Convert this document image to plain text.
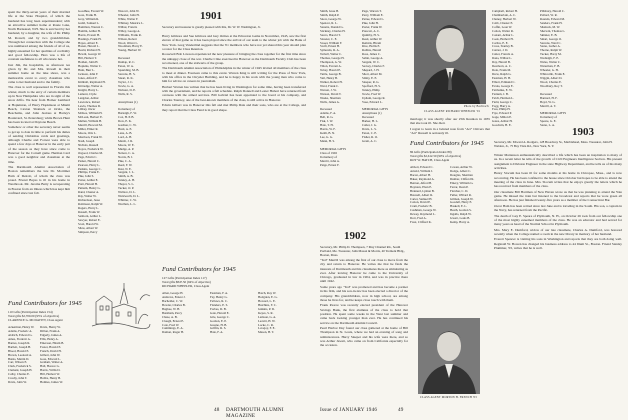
spent the thirty-seven years of their married life at the State Hospital, of which the husband has long been superintendent; with an attractive summer home at Route Lake, North Barnstead, N.H. She is survived by her husband, by a daughter, the wife of Dr. Philip M. Rowell, and by two grandchildren. Through her connection with the College she was numbered among the friends of all of us, highly esteemed for her qualities of cordiality and good fellowship. Hers was a life of constant usefulness to all who knew her.

Just Jim, the hospitable, as afternoon tea given by Dr. and Mrs. Rowell in their summer home on the lake shore, was a memorable event to every classmate who came to her husband and to the family.

The class is well represented in Florida this winter, much to the envy of certain members up in New Hampshire who are in sight of the snow drifts. We hear from Homer Lumbard at Hopkinton, of Harry Hopkinson at Miami Beach, Caxton Shattuck at Ocala, the Beachams, and John Jealous at Harley's Boulevard, St. Petersburg; while Brown Hunt has been located at Daytona Beach.

Somehow or other the secretary never seems to get up to date in time to perform his duties of sending Christmas cards and greetings, although Charlie and Forrest were able to spend a few days at Hanover in the early part of the season as they have since come to Hanover for the Cornell game. Herman Card was a good neighbor and classmate at the time.

The Dartmouth Alumni Association of Boston remembers the late Dr. Mortimer Ham of Detroit, of whom the class was proud. Friend Bayes is ill in his home in Westbrook. Mr. Jerome Batty is recuperating in Boston from an illness which has kept him confined since last fall.

Fund Contributors for 1945
110 Gifts (Participation Index 154)
Total gifts $2,700.00 (95% of objective)
CLARENCE G. MCDAVITT, Class Agent
Ackerman, Henry W.
Adams, Frederic A.
Aldrich, Edward G.
Ames, Frederic A.
Barnes, Joseph R.
Bartlett, Joseph H.
Blood, Harold E.
Brown, Leonard A.
Burns, Martin D.
Carr, Wilson E.
Clark, Frederick S.
Clement, Joseph H.
Colby, Charles E.
Crosby, John T.
Davis, John W.
Davis, Henry W.
Dillon, Frank A.
Edgerly, James A.
Ellis, Henry A.
Emerson, Hiram B.
Foster, Harold E.
French, David H.
Gilbert, John W.
Goss, Edward L.
Graham, Walter A.
Hall, Horace G.
Harris, Willis D.
Hill, Herbert W.
Hobbs, Henry B.
Holmes, James W.
Goodhue, Everett W.
Goss, Frank H.
Gray, William R.
Guild, Samuel L.
Hamilton, Warren C.
Hamlin, Arthur H.
Harris, Everett H.
Hastings, Frank H.
Hayes, Albert E.
Hazen, Harold L.
Heald, Richard H.
Hewitt, George W.
Hill, Herbert T.
Holden, John H.
Hopkins, Walter C.
Hunt, Burr L.
Jackson, John F.
Jones, Alfred F.
Kimball, Raymond H.
Kittredge, Walter A.
Knight, Harry L.
Lamont, Clyde
Langdon, Arthur
Lawrence, Robert
Lewis, Thomas D.
Libbey, Oscar
McKee, William H.
McLean, Herbert E.
Mellen, William H.
Merrill, Howard M.
Miller, Elmer R.
Moore, Otis L.
Morrison, Frank W.
Nash, Joseph
Nichols, Russell
Noyes, Frederick W.
Osgood, Charles M.
Page, Edwin C.
Parker, Harold C.
Pearson, Harry L.
Perkins, George C.
Phillips, Frank E.
Pike, John S.
Potter, Arthur E.
Pratt, Harold H.
Putnam, Henry G.
Rand, Chester A.
Ray, Walter W.
Richardson, Jesse
Robinson, Ralph W.
Rogers, Harry L.
Russell, Frank W.
Sanborn, Arthur L.
Sawyer, Robert E.
Scott, Harold W.
Shaw, Albert W.
Simpson, Percy
Wescott, John W.
Wheeler, John H.
White, Walter F.
Whitney, Maurice L.
Wilbur, Francis
Willey, George A.
Williams, Frank R.
Wilson, Robert
Wood, Oliver L.
Woodman, Harry E.
Young, Herbert W.
Deceased
Dunlap, R. C.
Eaton, W. A.
Spaulding, M. B.
Stevens, H. S.
Stuart, R. K.
Taylor, J. C.
Towle, G. A.
Webster, D. E.
Wells, R. S.
Anonymous (1)
In memory of
Burleigh, F. W.
Cox, H. P. B.
Dow, E. K.
Gardner, C. W.
Hurd, A. E.
Lane, A. B.
Lord, A. H.
Marsh, J. R.
Moore, W. E.
Mudge, A. P.
Nelson, C. A.
Norris, B. J.
Pike, C. A.
Reed, F. W.
Rust, N. E.
Sargent, J. L.
Smith, A. B.
Tenney, A. H.
Thayer, S. L.
Tucker, O. P.
Wallace, D. L.
Wentworth, D. L.
Whittier, C. W.
Worthen, L. L.
1901
Secretary and treasurer is greatly pleased with this, Dr. W. W. Washington, Jr.

Harry Gilmore and Sue Gilmore and Guy Ormes at the Princeton Game in November, 1945, saw the first eleven of that game as it has been played since the arrival of our team to the winter job with the Bank of New York. Greg Vanderlind suggests that the '01 members who have not yet shared this year should plan a roster for the Class Reunion.

Roosevelt Bob Lawson experienced the new pleasure of bringing the class together for the first time since the unhappy close of the war. Charlie Cline exercised in Hanover as the Dartmouth Faculty Club has been reconvened, one of the stalwarts of the group.

The Dartmouth Alumni Association of Philadelphia in the winter of 1945 invited all members of the class to meet at dinner. Fourteen came to this event. Warren King is still writing for the Press of New York, with his office in the Chrysler Building, and he is happy in his work with the young men who come to him for advice on careers in journalism.

Herbert Warren has written that he has been living in Washington for some time, having been transferred with the government, and he reports a full schedule. Ralph Donnell and Lester Hubert have returned from overseas with the armed services. Bill Gabriel has been appointed to the board at his company, and Charles Tourney, one of the best-known members of the class, is still active in Hanover.

Edwin Gilbert was in Hanover this fall and met Philip Dale and their sons, who are at the College, and they report that the Class Fund is in good shape.

Fund Contributors for 1945
127 Gifts (Participation Index 117)
Total gifts $847.50 (94% of objective)
RICHARD WHEELER, Class Agent
Allen, George H.
Andrews, Ernest J.
Bachelder, C. W.
Bowler, Charles B.
Bugbee, W. H.
Burnham, Percy
Chase, A. B.
Clough, Ernest E.
Cole, Fred W.
Cummings, E. A.
Damon, Roger H.
Eastman, F. A.
Fay, Henry G.
Fellows, R. C.
Flanders, E. S.
Forbes, D. B.
Gale, Harold E.
Gile, George C.
Gordon, E. P.
Greene, H. B.
Griffin, R. S.
Hale, F. A.
Hatch, Roy W.
Hodgdon, E. G.
Howard, L. E.
Hutchins, F. C.
Jenkins, P. D.
Keyes, S. R.
Lamson, G. A.
Leavitt, H. W.
Locke, C. R.
Lovejoy, F. E.
Mason, H. T.
48 DARTMOUTH ALUMNI MAGAZINE
Smith, Jesse B.
Smith, Ralph P.
Snow, George W.
Spencer, R. L.
Stearns, Donald G.
Stickney, Charles H.
Storrs, Harold T.
Streeter, C. E.
Sweet, William F.
Swift, Ernest H.
Symonds, R. A.
Tarbell, Walter C.
Thomas, George H.
Thompson, A. W.
Tilton, Everett A.
Tobey, Harold E.
Tuttle, George B.
Vail, Henry B.
Walker, Robert H.
Ward, Frank C.
Warren, J. W.
Watson, David T.
Weeks, Sherman
Wells, James A.
Deceased
Adams, F. A.
Bell, R. G.
Fisk, J. W.
Hale, T. H.
Harris, W. F.
Keith, B. N.
Lee, G. G.
Mann, H. S.
MEMORIAL GIFTS
Class of 1902
In memory of
Merritt, John A.
Paige, Ernest F.
Page, Warren T.
Perry, William E.
Pettee, Edward L.
Pike, John H.
Porter, Frank W.
Prescott, A. C.
Quimby, H. S.
Read, Arthur W.
Remick, Hiram
Rice, Hollis E.
Rollins, Harold
Ross, James C.
Sabin, George A.
Sargent, W. C.
Seavey, Charles F.
Shepard, J. H.
Short, Albert M.
Silsby, E. E.
Sleeper, R. G.
Spofford, H. S.
Tenney, Philip
Towle, Fred W.
Upham, George R.
Vose, Edward L.
MEMORIAL GIFTS
Anonymous (1)
Deceased
Barker, H. L.
Cutler, J. G.
Davis, L. S.
Eaton, C. E.
Fisher, R. O.
Grant, A. C.
Photo by Bachrach
CLASS AGENT RICHARD WHEELER '01

marriage; it was shortly after our 25th Reunion in 1935 that she took ill. She died.

I regret to learn in a belated note from "Art" Chivers that "Art" Russell is seriously ill.

Fund Contributors for 1945
86 Gifts (Participation Index 89)
Total gifts $2,612.50 (90% of objective)
ROY W. HATCH, Class Agent
Abbott, Edward C.
Arnold, William J.
Bacon, Albert H.
Baker, Raymond A.
Benton, Alfred B.
Boynton, Eben E.
Brainerd, Lyman B.
Buswell, Albert R.
Carter, Samuel H.
Cotton, David E.
Cram, Frederic B.
Cushman, George W.
Dewey, Raymond L.
Dorr, Fred A.
Frost, Clifford K.
Cowan, Arthur W.
Dodge, Albert C.
Douglas, Sherman
Dunbar, Clifford R.
Emery, William G.
Farrar, Dean P.
Fletcher, C. D.
Fuller, Willard R.
Gilman, Joseph W.
Goodell, Harry E.
Haskell, E. L.
Heath, Gordon S.
Ingalls, Ralph W.
Jewett, Louis B.
Kemp, Harry A.
1902
Secretary, Mr. Philip D. Thompson, 7 May Channel Rd., South Portland, Me. Treasurer, John Mason & Morris, 40 Tremont Bldg., Boston, Mass.

"Ted" Merrill was among the first of our class to move from the city and return to Hanover. He writes me that he finds the interests of Dartmouth and his classmates there as stimulating as ever. After leaving Hanover he came to the University of Chicago, graduated in law in 1904, and was in practice there until 1942.

Some years ago "Ted" was promoted and has become a partner in his firm, and his son-in-law has been elected a director of the company. His grandchildren, now in high school, are among those he lives for, and he keeps close touch with them.

Frank Pearce was recently elected president of the Hanover Savings Bank, the first alumnus of the class to hold that position. He spent some weeks in the West last summer and came back looking younger than ever. He has continued his service on the Dartmouth Alumni Council.

Pearl Harbor Day found our class gathered at the home of Bill Thompson in St. Louis, where we had an evening of song and reminiscences. Harry Sleeper and his wife were there, and so was Arthur Jewett, who came on from California especially for the occasion.

CLASS AGENT MORTON H. FRENCH '03
Campbell, Robert H.
Chamberlain, A. C.
Cheney, Herbert W.
Cobb, Chester E.
Coffin, Leon W.
Colton, Walter R.
Conant, Arthur L.
Cook, Herbert H.
Corliss, E. E.
Cross, Stanley B.
Currier, J. D.
Cutter, Francis A.
Dana, Wilbur L.
Day, Harold B.
Dearborn, A. C.
Dole, Frank M.
Drew, Ralph G.
Eastman, H. H.
Elliott, Edmund C.
Evans, George E.
Fairbanks, E. W.
Farnum, J. B.
Felch, Herman L.
Field, George C.
Fogg, Harry A.
Foss, Philip H.
Frye, Edward P.
Gage, Milton E.
Gates, Arthur H.
Goodwin, H. E.
Pillsbury, Harold C.
Pollard, W. R.
Rounds, Edward M.
Sanders, Frank H.
Shattuck, M. W.
Sherwin, Thomas L.
Skinner, E. B.
Smart, George O.
Stevens, Ward C.
Stone, Luther A.
Thorne, Ralph W.
Tucker, Harry M.
Wadleigh, F. E.
Wales, Walter C.
Waterman, F. B.
Wheeler, G. H.
Whitcomb, Frank E.
Wiggin, Albert D.
Wood, Charles E.
Woodbury, Roy T.
Deceased
Barnard, H. F.
Boyd, W. G.
Merrill, A. T.
MEMORIAL GIFTS
In memory of
Speare, G. E.
Stone, L. A.
1903
Secretary, Mr. Edward A. Rodgers, 128 Broadway St., Marblehead, Mass. Treasurer, John H. Weldon, Jr., 75 Bay Vista Rd., New York, N. Y.

Winter Mattenson enthusiastically described a life which has been an inspiration to many of us. In a recent letter he tells of the growth of Civil Engineers Intelligence Section. His present assignment is Division Engineer in the state Highway Department, and he tells us of his many activities.

Henry Slocum has been ill for some months at his home in Chicopee, Mass., and is now recovering. He has been confined to the house since October but hopes to be able to attend the meeting of the class in June. Mrs. Slocum writes that he enjoys greatly the letters which he has received from members of the class.

Our classmate Bill Hartman of New Haven wrote us that he was planning to attend the Yale game. He missed the train but listened to the broadcast and reports that he wore green all afternoon. He has just finished twenty-five years as a member of the Connecticut Bar.

Oscar Ham has been retired since last June and is traveling in the South. His son, a captain in the Navy, has returned from the Pacific.

The death of Guy E. Speare of Plymouth, N. H., on October 26 took from our fellowship one of the most highly esteemed members of the class. He was an educator and had served for many years as head of the Normal School in Plymouth.

Mrs. Mary E. Dumford, widow of our late classmate, Charles A. Dumford, was honored recently when the College named a room in the new library in memory of her husband.

Everett Spencer is visiting his sons in Washington and reports that they are both doing well. Reginald W. Bowen has changed his business address to 44 Ilium St., Boston. Friend Stanley Plummer, '03, writes that he is well.

Issue of JANUARY 1946	49
